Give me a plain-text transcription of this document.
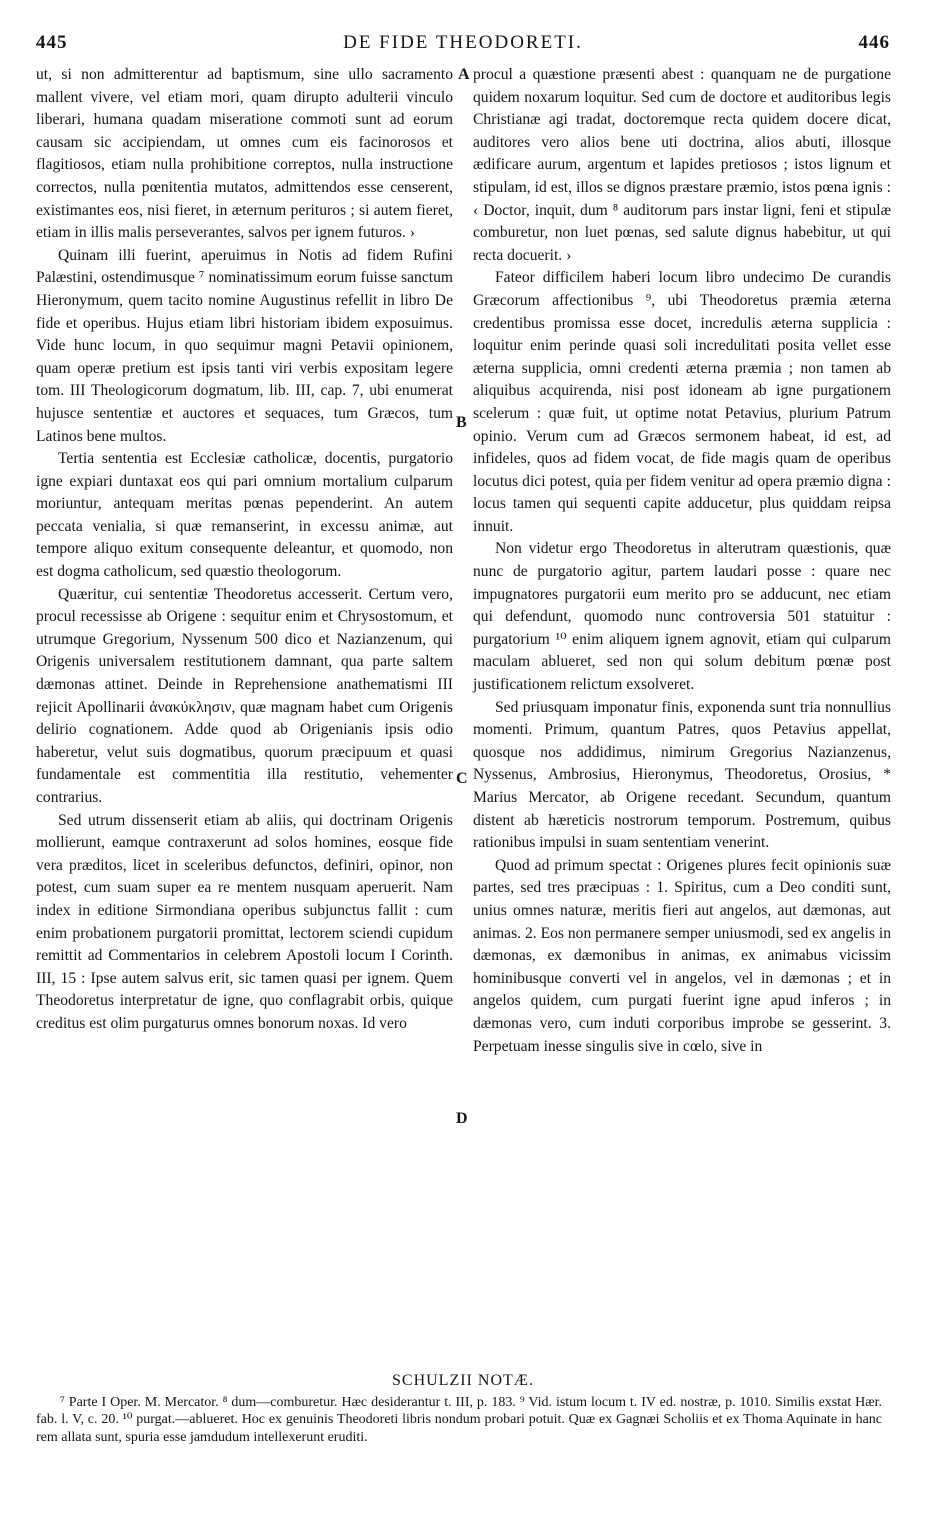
445	DE FIDE THEODORETI.	446

ut, si non admitterentur ad baptismum, sine ullo sacramento mallent vivere, vel etiam mori, quam dirupto adulterii vinculo liberari, humana quadam miseratione commoti sunt ad eorum causam sic accipiendam, ut omnes cum eis facinorosos et flagitiosos, etiam nulla prohibitione correptos, nulla instructione correctos, nulla pœnitentia mutatos, admittendos esse censerent, existimantes eos, nisi fieret, in æternum perituros ; si autem fieret, etiam in illis malis perseverantes, salvos per ignem futuros. ›

Quinam illi fuerint, aperuimus in Notis ad fidem Rufini Palæstini, ostendimusque ⁷ nominatissimum eorum fuisse sanctum Hieronymum, quem tacito nomine Augustinus refellit in libro De fide et operibus. Hujus etiam libri historiam ibidem exposuimus. Vide hunc locum, in quo sequimur magni Petavii opinionem, quam operæ pretium est ipsis tanti viri verbis expositam legere tom. III Theologicorum dogmatum, lib. III, cap. 7, ubi enumerat hujusce sententiæ et auctores et sequaces, tum Græcos, tum Latinos bene multos.

Tertia sententia est Ecclesiæ catholicæ, docentis, purgatorio igne expiari duntaxat eos qui pari omnium mortalium culparum moriuntur, antequam meritas pœnas pependerint. An autem peccata venialia, si quæ remanserint, in excessu animæ, aut tempore aliquo exitum consequente deleantur, et quomodo, non est dogma catholicum, sed quæstio theologorum.

Quæritur, cui sententiæ Theodoretus accesserit. Certum vero, procul recessisse ab Origene : sequitur enim et Chrysostomum, et utrumque Gregorium, Nyssenum 500 dico et Nazianzenum, qui Origenis universalem restitutionem damnant, qua parte saltem dæmonas attinet. Deinde in Reprehensione anathematismi III rejicit Apollinarii ἀνακύκλησιν, quæ magnam habet cum Origenis delirio cognationem. Adde quod ab Origenianis ipsis odio haberetur, velut suis dogmatibus, quorum præcipuum et quasi fundamentale est commentitia illa restitutio, vehementer contrarius.

Sed utrum dissenserit etiam ab aliis, qui doctrinam Origenis mollierunt, eamque contraxerunt ad solos homines, eosque fide vera præditos, licet in sceleribus defunctos, definiri, opinor, non potest, cum suam super ea re mentem nusquam aperuerit. Nam index in editione Sirmondiana operibus subjunctus fallit : cum enim probationem purgatorii promittat, lectorem sciendi cupidum remittit ad Commentarios in celebrem Apostoli locum I Corinth. III, 15 : Ipse autem salvus erit, sic tamen quasi per ignem. Quem Theodoretus interpretatur de igne, quo conflagrabit orbis, quique creditus est olim purgaturus omnes bonorum noxas. Id vero

A
B
C
D

procul a quæstione præsenti abest : quanquam ne de purgatione quidem noxarum loquitur. Sed cum de doctore et auditoribus legis Christianæ agi tradat, doctoremque recta quidem docere dicat, auditores vero alios bene uti doctrina, alios abuti, illosque ædificare aurum, argentum et lapides pretiosos ; istos lignum et stipulam, id est, illos se dignos præstare præmio, istos pœna ignis : ‹ Doctor, inquit, dum ⁸ auditorum pars instar ligni, feni et stipulæ comburetur, non luet pœnas, sed salute dignus habebitur, ut qui recta docuerit. ›

Fateor difficilem haberi locum libro undecimo De curandis Græcorum affectionibus ⁹, ubi Theodoretus præmia æterna credentibus promissa esse docet, incredulis æterna supplicia : loquitur enim perinde quasi soli incredulitati posita vellet esse æterna supplicia, omni credenti æterna præmia ; non tamen ab aliquibus acquirenda, nisi post idoneam ab igne purgationem scelerum : quæ fuit, ut optime notat Petavius, plurium Patrum opinio. Verum cum ad Græcos sermonem habeat, id est, ad infideles, quos ad fidem vocat, de fide magis quam de operibus locutus dici potest, quia per fidem venitur ad opera præmio digna : locus tamen qui sequenti capite adducetur, plus quiddam reipsa innuit.

Non videtur ergo Theodoretus in alterutram quæstionis, quæ nunc de purgatorio agitur, partem laudari posse : quare nec impugnatores purgatorii eum merito pro se adducunt, nec etiam qui defendunt, quomodo nunc controversia 501 statuitur : purgatorium ¹⁰ enim aliquem ignem agnovit, etiam qui culparum maculam ablueret, sed non qui solum debitum pœnæ post justificationem relictum exsolveret.

Sed priusquam imponatur finis, exponenda sunt tria nonnullius momenti. Primum, quantum Patres, quos Petavius appellat, quosque nos addidimus, nimirum Gregorius Nazianzenus, Nyssenus, Ambrosius, Hieronymus, Theodoretus, Orosius, * Marius Mercator, ab Origene recedant. Secundum, quantum distent ab hæreticis nostrorum temporum. Postremum, quibus rationibus impulsi in suam sententiam venerint.

Quod ad primum spectat : Origenes plures fecit opinionis suæ partes, sed tres præcipuas : 1. Spiritus, cum a Deo conditi sunt, unius omnes naturæ, meritis fieri aut angelos, aut dæmonas, aut animas. 2. Eos non permanere semper uniusmodi, sed ex angelis in dæmonas, ex dæmonibus in animas, ex animabus vicissim hominibusque converti vel in angelos, vel in dæmonas ; et in angelos quidem, cum purgati fuerint igne apud inferos ; in dæmonas vero, cum induti corporibus improbe se gesserint. 3. Perpetuam inesse singulis sive in cœlo, sive in

SCHULZII NOTÆ.

⁷ Parte I Oper. M. Mercator. ⁸ dum—comburetur. Hæc desiderantur t. III, p. 183. ⁹ Vid. istum locum t. IV ed. nostræ, p. 1010. Similis exstat Hær. fab. l. V, c. 20. ¹⁰ purgat.—ablueret. Hoc ex genuinis Theodoreti libris nondum probari potuit. Quæ ex Gagnæi Scholiis et ex Thoma Aquinate in hanc rem allata sunt, spuria esse jamdudum intellexerunt eruditi.
